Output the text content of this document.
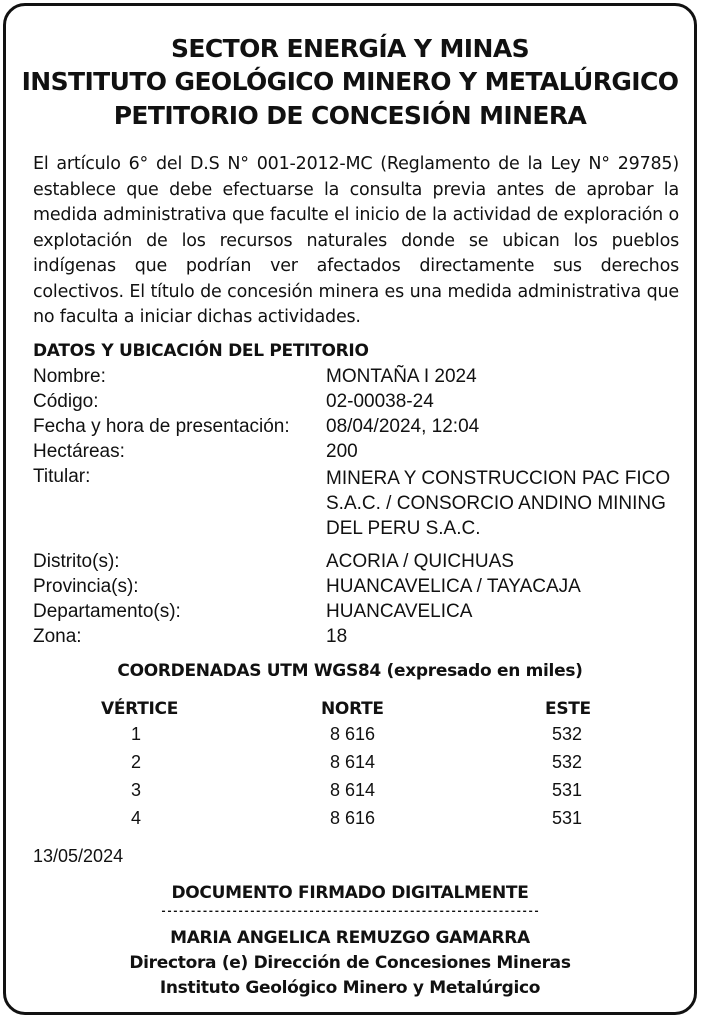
SECTOR ENERGÍA Y MINAS
INSTITUTO GEOLÓGICO MINERO Y METALÚRGICO
PETITORIO DE CONCESIÓN MINERA
El artículo 6° del D.S N° 001-2012-MC (Reglamento de la Ley N° 29785) establece que debe efectuarse la consulta previa antes de aprobar la medida administrativa que faculte el inicio de la actividad de exploración o explotación de los recursos naturales donde se ubican los pueblos indígenas que podrían ver afectados directamente sus derechos colectivos. El título de concesión minera es una medida administrativa que no faculta a iniciar dichas actividades.
DATOS Y UBICACIÓN DEL PETITORIO
Nombre:	MONTAÑA I 2024
Código:	02-00038-24
Fecha y hora de presentación: 08/04/2024, 12:04
Hectáreas:	200
Titular:	MINERA Y CONSTRUCCION PAC FICO
S.A.C. / CONSORCIO ANDINO MINING
DEL PERU S.A.C.
Distrito(s):	ACORIA / QUICHUAS
Provincia(s):	HUANCAVELICA / TAYACAJA
Departamento(s):	HUANCAVELICA
Zona:	18
COORDENADAS UTM WGS84 (expresado en miles)
VÉRTICE	NORTE	ESTE
1	8 616	532
2	8 614	532
3	8 614	531
4	8 616	531
13/05/2024
DOCUMENTO FIRMADO DIGITALMENTE
----------------------------------------------------------------
MARIA ANGELICA REMUZGO GAMARRA
Directora (e) Dirección de Concesiones Mineras
Instituto Geológico Minero y Metalúrgico
